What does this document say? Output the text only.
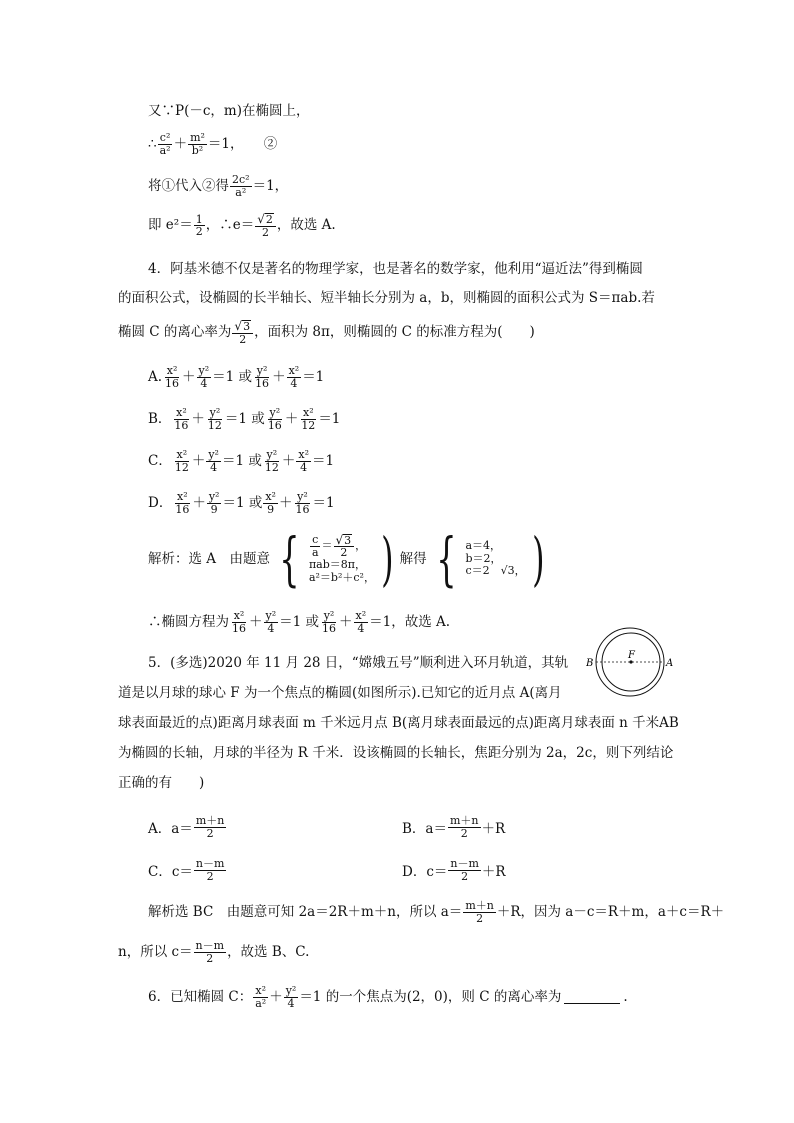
又∵P(－c，m)在椭圆上，
∴ c²
a² ＋ m²
b² ＝1，　　②
将①代入②得 2c²
a² ＝1，
即 e²＝ 1
2 ，∴e＝ √ 2
2 ，故选 A.
4．阿基米德不仅是著名的物理学家，也是著名的数学家，他利用“逼近法”得到椭圆
的面积公式，设椭圆的长半轴长、短半轴长分别为 a，b，则椭圆的面积公式为 S＝πab.若
椭圆 C 的离心率为 √ 3
2 ，面积为 8π，则椭圆的 C 的标准方程为(　　)
A. x²
16 ＋ y²
4 ＝1 或 y²
16 ＋ x²
4 ＝1
B． x²
16 ＋ y²
12 ＝1 或 y²
16 ＋ x²
12 ＝1
C． x²
12 ＋ y²
4 ＝1 或 y²
12 ＋ x²
4 ＝1
D． x²
16 ＋ y²
9 ＝1 或 x²
9 ＋ y²
16 ＝1
解析：选 A　由题意 { c
a
＝ √ 3
2
，
πab＝8π，
a²＝b²＋c²， ) 解得 { a＝4，
b＝2，
c＝2　√3， )
∴椭圆方程为 x²
16 ＋ y²
4 ＝1 或 y²
16 ＋ x²
4 ＝1，故选 A.
5．(多选)2020 年 11 月 28 日，“嫦娥五号”顺利进入环月轨道，其轨
道是以月球的球心 F 为一个焦点的椭圆(如图所示).已知它的近月点 A(离月
球表面最近的点)距离月球表面 m 千米远月点 B(离月球表面最远的点)距离月球表面 n 千米AB
为椭圆的长轴，月球的半径为 R 千米．设该椭圆的长轴长，焦距分别为 2a，2c，则下列结论
正确的有　　)
B
F
A
A．a＝
m＋n
2	B．a＝
m＋n
2 ＋R
C．c＝
n－m
2	D．c＝
n－m
2 ＋R
解析选 BC　由题意可知 2a＝2R＋m＋n，所以 a＝ m＋n
2 ＋R，因为 a－c＝R＋m，a＋c＝R＋
n，所以 c＝ n－m
2 ，故选 B、C.
6．已知椭圆 C： x²
a² ＋ y²
4 ＝1 的一个焦点为(2，0)，则 C 的离心率为	.
